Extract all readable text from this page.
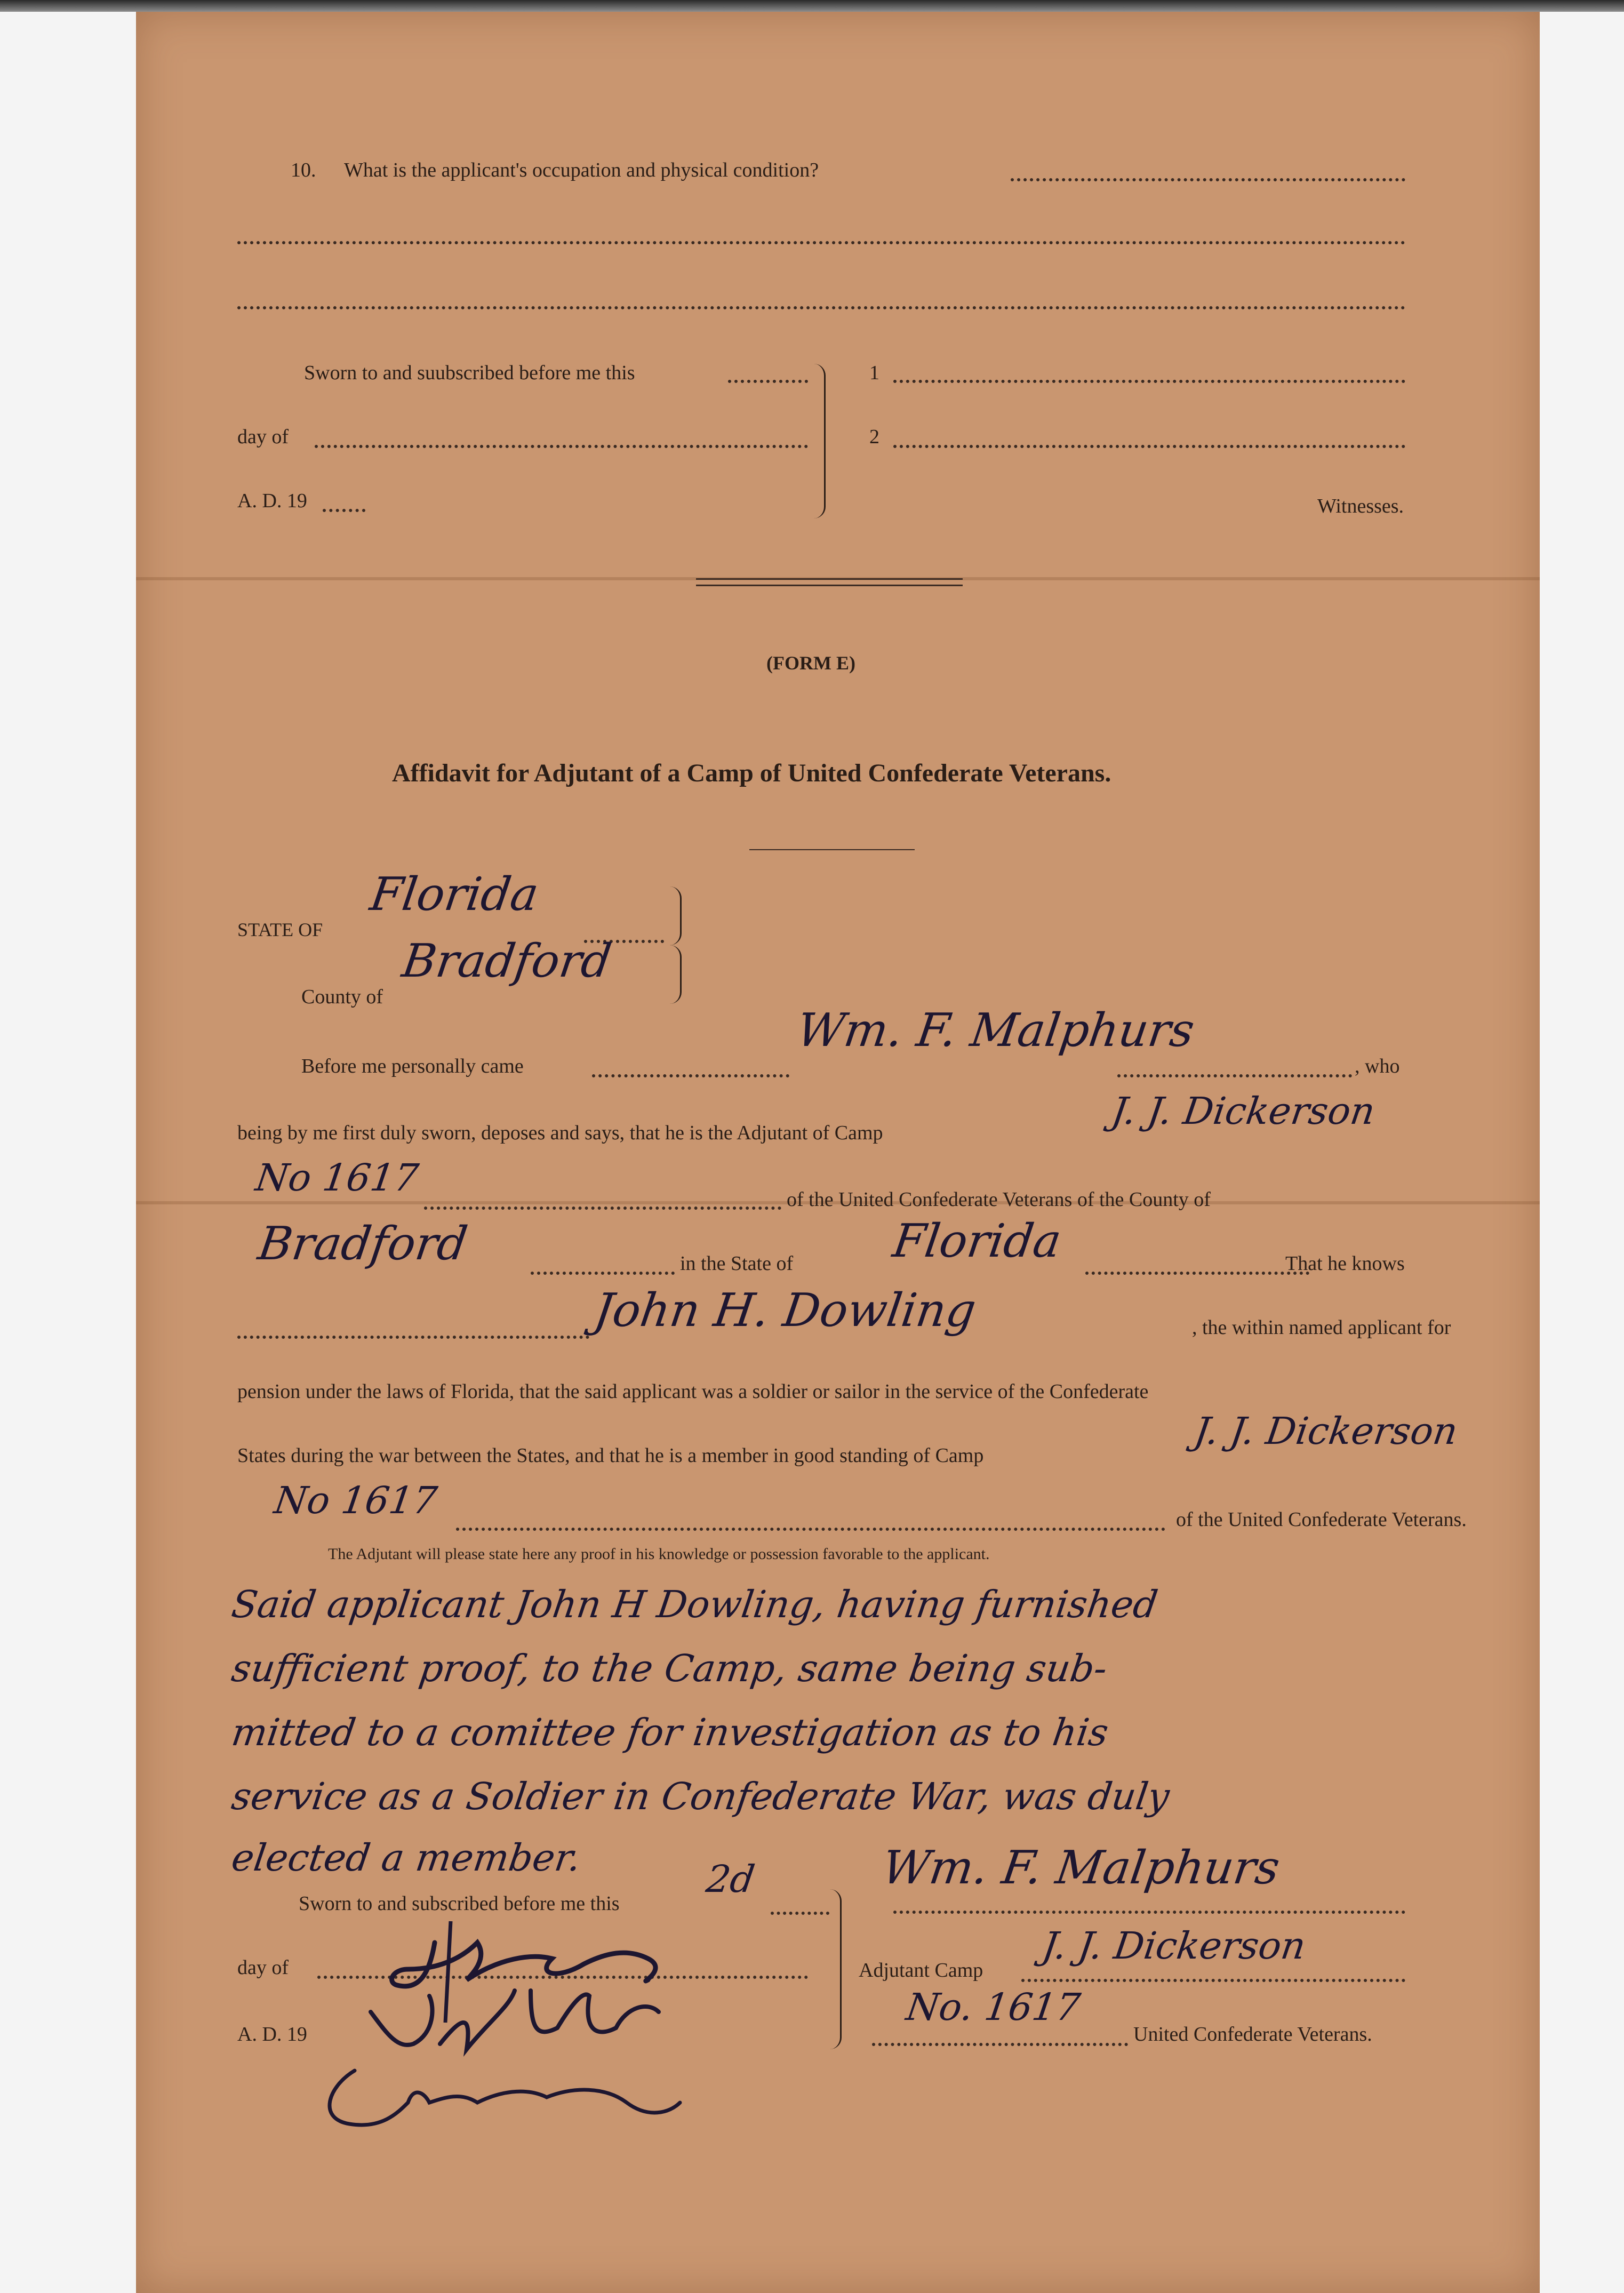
10. What is the applicant's occupation and physical condition?
Sworn to and suubscribed before me this
day of
A. D. 19
1
2
Witnesses.
(FORM E)
Affidavit for Adjutant of a Camp of United Confederate Veterans.
STATE OF
Florida
County of
Bradford
Before me personally came
Wm. F. Malphurs
, who
being by me first duly sworn, deposes and says, that he is the Adjutant of Camp	J. J. Dickerson
No 1617	of the United Confederate Veterans of the County of
Bradford	in the State of Florida	That he knows
John H. Dowling	, the within named applicant for
pension under the laws of Florida, that the said applicant was a soldier or sailor in the service of the Confederate
States during the war between the States, and that he is a member in good standing of Camp
J. J. Dickerson
No 1617	of the United Confederate Veterans.
The Adjutant will please state here any proof in his knowledge or possession favorable to the applicant.
Said applicant John H Dowling, having furnished
sufficient proof, to the Camp, same being sub-
mitted to a comittee for investigation as to his
service as a Soldier in Confederate War, was duly
elected a member.
Sworn to and subscribed before me this
2d
day of
A. D. 19
Wm. F. Malphurs
Adjutant Camp
J. J. Dickerson
No. 1617
United Confederate Veterans.
